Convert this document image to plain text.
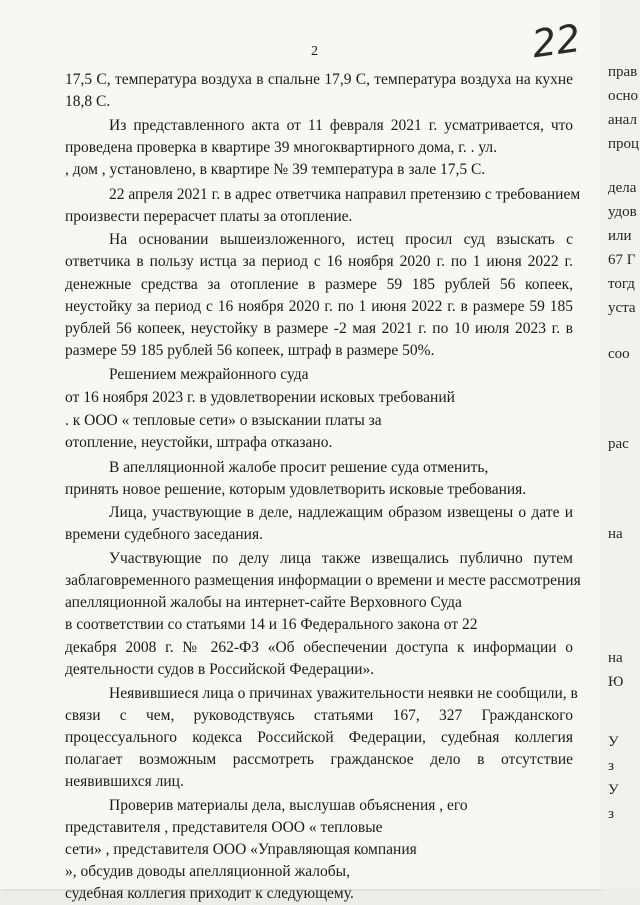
2	22
17,5 С, температура воздуха в спальне 17,9 С, температура воздуха на кухне
18,8 С.
Из представленного акта от 11 февраля 2021 г. усматривается, что
проведена проверка в квартире 39 многоквартирного дома, г. . ул.
, дом , установлено, в квартире № 39 температура в зале 17,5 С.
22 апреля 2021 г. в адрес ответчика направил претензию с требованием
произвести перерасчет платы за отопление.
На основании вышеизложенного, истец просил суд взыскать с
ответчика в пользу истца за период с 16 ноября 2020 г. по 1 июня 2022 г.
денежные средства за отопление в размере 59 185 рублей 56 копеек,
неустойку за период с 16 ноября 2020 г. по 1 июня 2022 г. в размере 59 185
рублей 56 копеек, неустойку в размере -2 мая 2021 г. по 10 июля 2023 г. в
размере 59 185 рублей 56 копеек, штраф в размере 50%.
Решением межрайонного суда
от 16 ноября 2023 г. в удовлетворении исковых требований
. к ООО « тепловые сети» о взыскании платы за
отопление, неустойки, штрафа отказано.
В апелляционной жалобе просит решение суда отменить,
принять новое решение, которым удовлетворить исковые требования.
Лица, участвующие в деле, надлежащим образом извещены о дате и
времени судебного заседания.
Участвующие по делу лица также извещались публично путем
заблаговременного размещения информации о времени и месте рассмотрения
апелляционной жалобы на интернет-сайте Верховного Суда
в соответствии со статьями 14 и 16 Федерального закона от 22
декабря 2008 г. № 262-ФЗ «Об обеспечении доступа к информации о
деятельности судов в Российской Федерации».
Неявившиеся лица о причинах уважительности неявки не сообщили, в
связи с чем, руководствуясь статьями 167, 327 Гражданского
процессуального кодекса Российской Федерации, судебная коллегия
полагает возможным рассмотреть гражданское дело в отсутствие
неявившихся лиц.
Проверив материалы дела, выслушав объяснения , его
представителя , представителя ООО « тепловые
сети» , представителя ООО «Управляющая компания
», обсудив доводы апелляционной жалобы,
судебная коллегия приходит к следующему.
прав
осно
анал
проц
дела
удов
или
67 Г
тогд
уста
соо
рас
на
на
Ю
У
з
У
з
